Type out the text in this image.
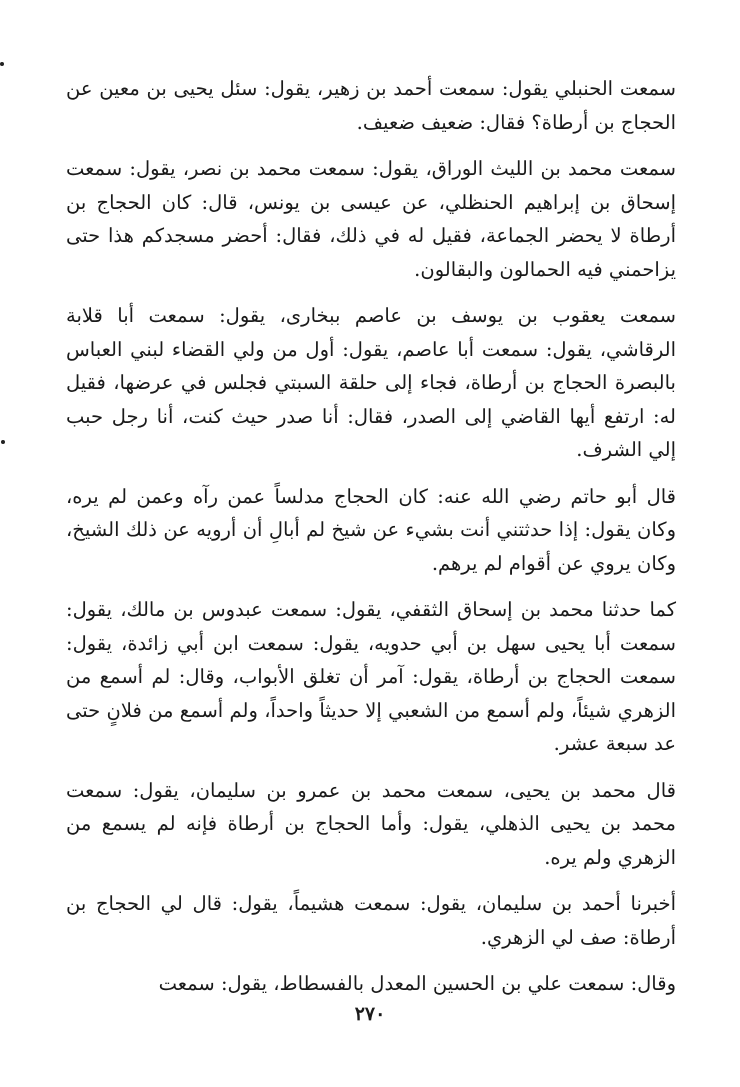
سمعت الحنبلي يقول: سمعت أحمد بن زهير، يقول: سئل يحيى بن معين عن الحجاج بن أرطاة؟ فقال: ضعيف ضعيف.

سمعت محمد بن الليث الوراق، يقول: سمعت محمد بن نصر، يقول: سمعت إسحاق بن إبراهيم الحنظلي، عن عيسى بن يونس، قال: كان الحجاج بن أرطاة لا يحضر الجماعة، فقيل له في ذلك، فقال: أحضر مسجدكم هذا حتى يزاحمني فيه الحمالون والبقالون.

سمعت يعقوب بن يوسف بن عاصم ببخارى، يقول: سمعت أبا قلابة الرقاشي، يقول: سمعت أبا عاصم، يقول: أول من ولي القضاء لبني العباس بالبصرة الحجاج بن أرطاة، فجاء إلى حلقة السبتي فجلس في عرضها، فقيل له: ارتفع أيها القاضي إلى الصدر، فقال: أنا صدر حيث كنت، أنا رجل حبب إلي الشرف.

قال أبو حاتم رضي الله عنه: كان الحجاج مدلساً عمن رآه وعمن لم يره، وكان يقول: إذا حدثتني أنت بشيء عن شيخ لم أبالِ أن أرويه عن ذلك الشيخ، وكان يروي عن أقوام لم يرهم.

كما حدثنا محمد بن إسحاق الثقفي، يقول: سمعت عبدوس بن مالك، يقول: سمعت أبا يحيى سهل بن أبي حدويه، يقول: سمعت ابن أبي زائدة، يقول: سمعت الحجاج بن أرطاة، يقول: آمر أن تغلق الأبواب، وقال: لم أسمع من الزهري شيئاً، ولم أسمع من الشعبي إلا حديثاً واحداً، ولم أسمع من فلانٍ حتى عد سبعة عشر.

قال محمد بن يحيى، سمعت محمد بن عمرو بن سليمان، يقول: سمعت محمد بن يحيى الذهلي، يقول: وأما الحجاج بن أرطاة فإنه لم يسمع من الزهري ولم يره.

أخبرنا أحمد بن سليمان، يقول: سمعت هشيماً، يقول: قال لي الحجاج بن أرطاة: صف لي الزهري.

وقال: سمعت علي بن الحسين المعدل بالفسطاط، يقول: سمعت

٢٧٠
